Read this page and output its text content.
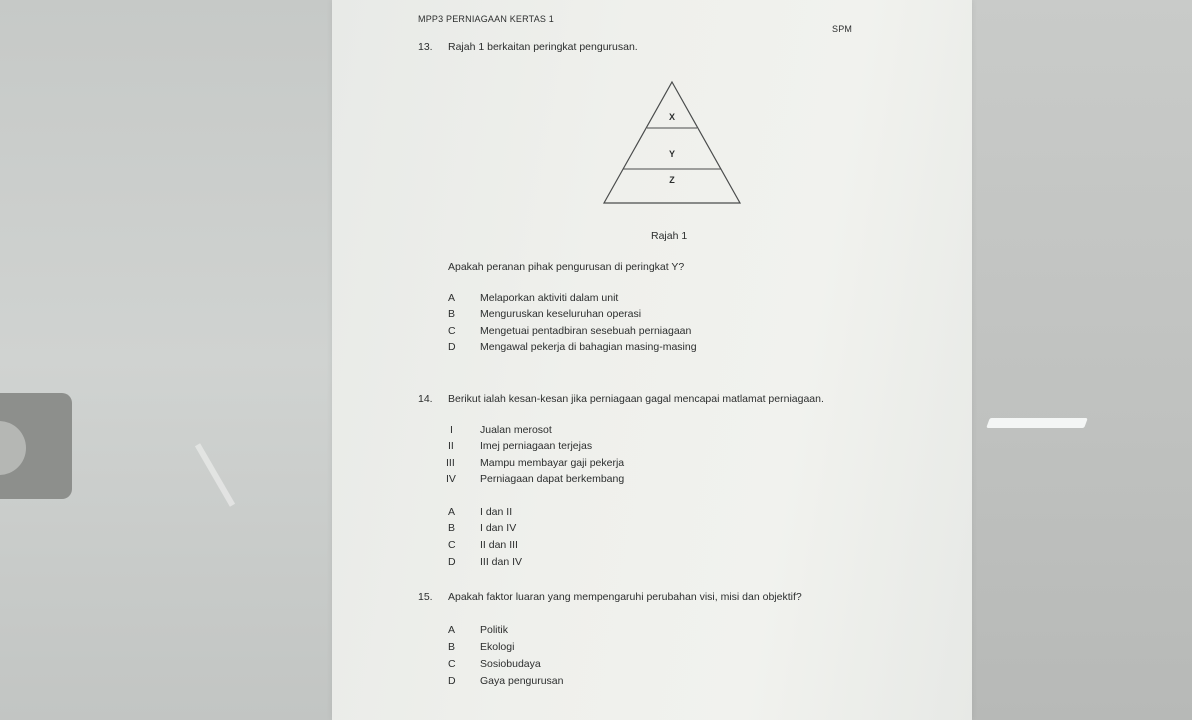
MPP3 PERNIAGAAN KERTAS 1
SPM
13. Rajah 1 berkaitan peringkat pengurusan.
X
Y
Z
Rajah 1
Apakah peranan pihak pengurusan di peringkat Y?
A Melaporkan aktiviti dalam unit
B Menguruskan keseluruhan operasi
C Mengetuai pentadbiran sesebuah perniagaan
D Mengawal pekerja di bahagian masing-masing
14. Berikut ialah kesan-kesan jika perniagaan gagal mencapai matlamat perniagaan.
I	Jualan merosot
II Imej perniagaan terjejas
III Mampu membayar gaji pekerja
IV Perniagaan dapat berkembang
A I dan II
B I dan IV
C II dan III
D III dan IV
15. Apakah faktor luaran yang mempengaruhi perubahan visi, misi dan objektif?
A Politik
B Ekologi
C Sosiobudaya
D Gaya pengurusan
